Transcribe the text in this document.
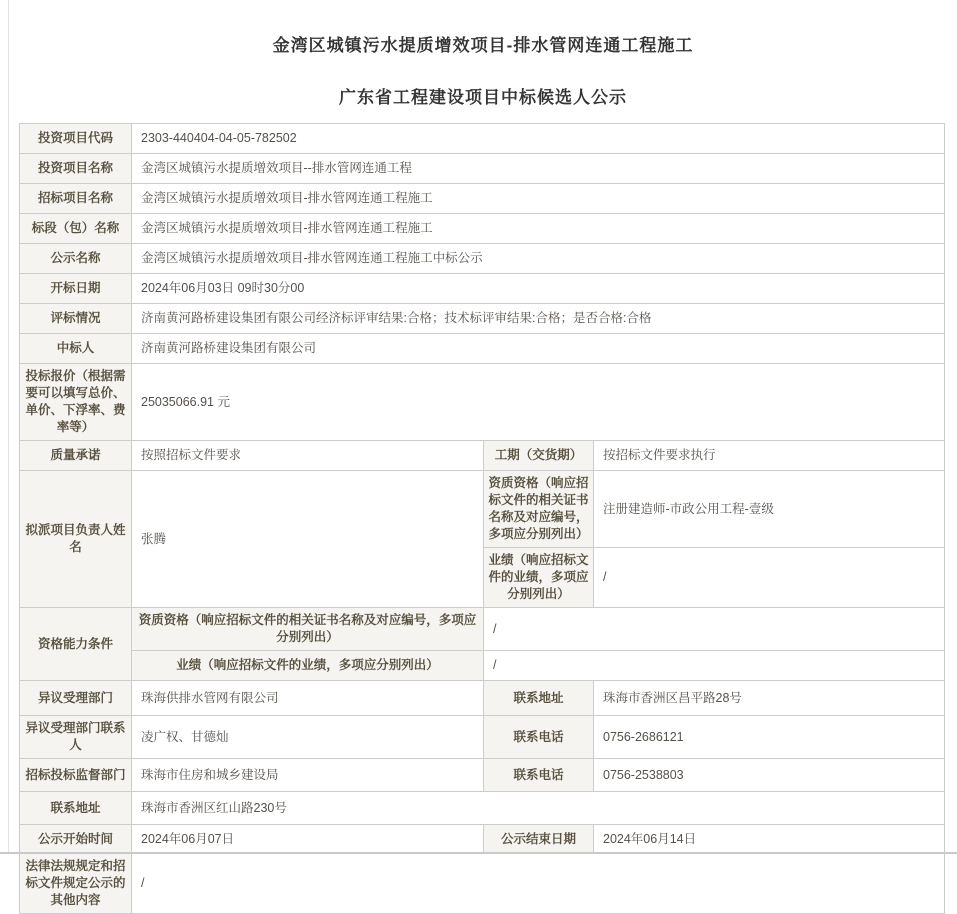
金湾区城镇污水提质增效项目-排水管网连通工程施工
广东省工程建设项目中标候选人公示
投资项目代码	2303-440404-04-05-782502		
投资项目名称	金湾区城镇污水提质增效项目--排水管网连通工程		
招标项目名称	金湾区城镇污水提质增效项目-排水管网连通工程施工		
标段（包）名称	金湾区城镇污水提质增效项目-排水管网连通工程施工		
公示名称	金湾区城镇污水提质增效项目-排水管网连通工程施工中标公示		
开标日期	2024年06月03日 09时30分00		
评标情况	济南黄河路桥建设集团有限公司经济标评审结果:合格；技术标评审结果:合格；是否合格:合格		
中标人	济南黄河路桥建设集团有限公司		
投标报价（根据需要可以填写总价、单价、下浮率、费率等）	25035066.91 元		
质量承诺	按照招标文件要求	工期（交货期）	按招标文件要求执行
拟派项目负责人姓名	张腾	资质资格（响应招标文件的相关证书名称及对应编号，多项应分别列出）	注册建造师-市政公用工程-壹级
		业绩（响应招标文件的业绩，多项应分别列出）	/
资格能力条件	资质资格（响应招标文件的相关证书名称及对应编号，多项应分别列出）	/	
	业绩（响应招标文件的业绩，多项应分别列出）	/	
异议受理部门	珠海供排水管网有限公司	联系地址	珠海市香洲区昌平路28号
异议受理部门联系人	凌广权、甘德灿	联系电话	0756-2686121
招标投标监督部门	珠海市住房和城乡建设局	联系电话	0756-2538803
联系地址	珠海市香洲区红山路230号		
公示开始时间	2024年06月07日	公示结束日期	2024年06月14日
法律法规规定和招标文件规定公示的其他内容	/		
